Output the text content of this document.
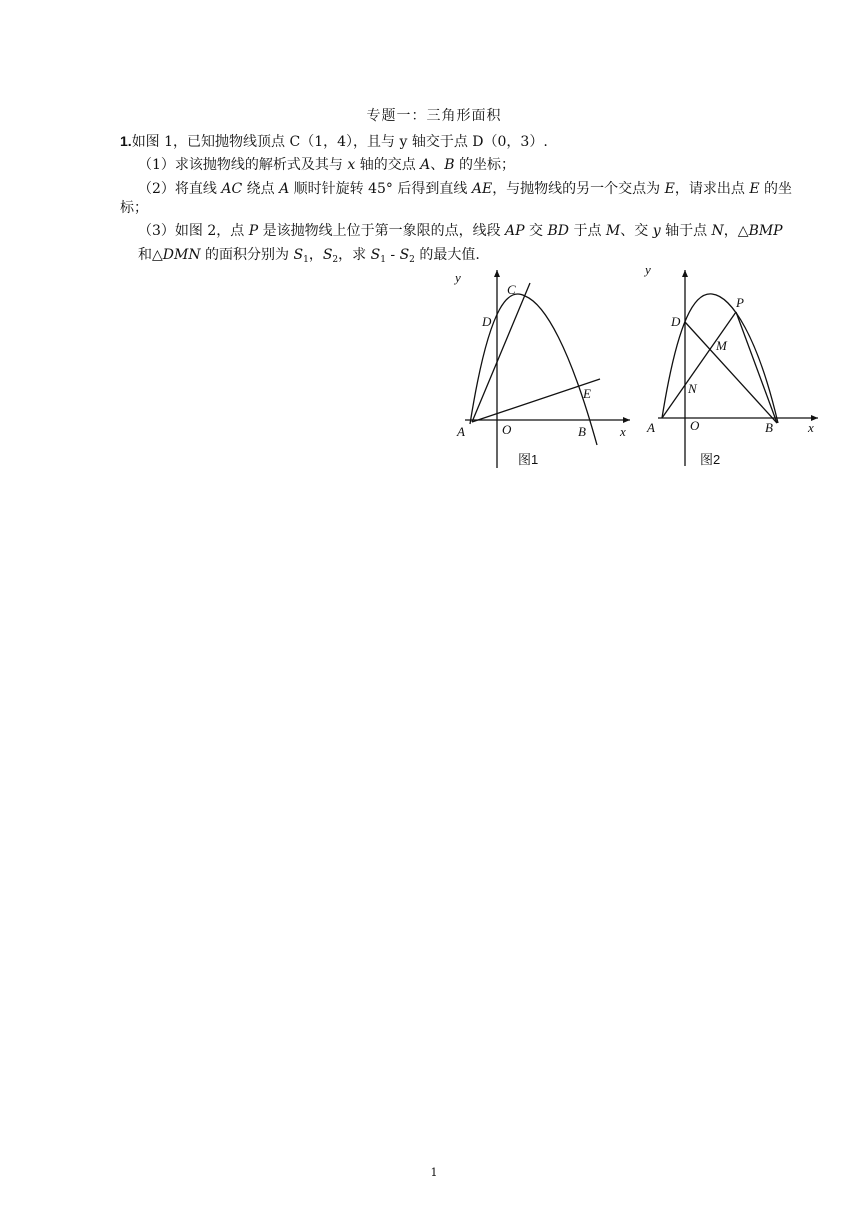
专题一：三角形面积
1.如图 1，已知抛物线顶点 C（1，4），且与 y 轴交于点 D（0，3）.
（1）求该抛物线的解析式及其与 x 轴的交点 A、B 的坐标；
（2）将直线 AC 绕点 A 顺时针旋转 45° 后得到直线 AE，与抛物线的另一个交点为 E，请求出点 E 的坐
标；
（3）如图 2，点 P 是该抛物线上位于第一象限的点，线段 AP 交 BD 于点 M、交 y 轴于点 N，△BMP
和△DMN 的面积分别为 $S_1$，$S_2$，求 $S_1 - S_2$ 的最大值.
y
C
D
E
A	O	B	x
图1
y
P
D
M
N
A	O	B	x
图2
1
